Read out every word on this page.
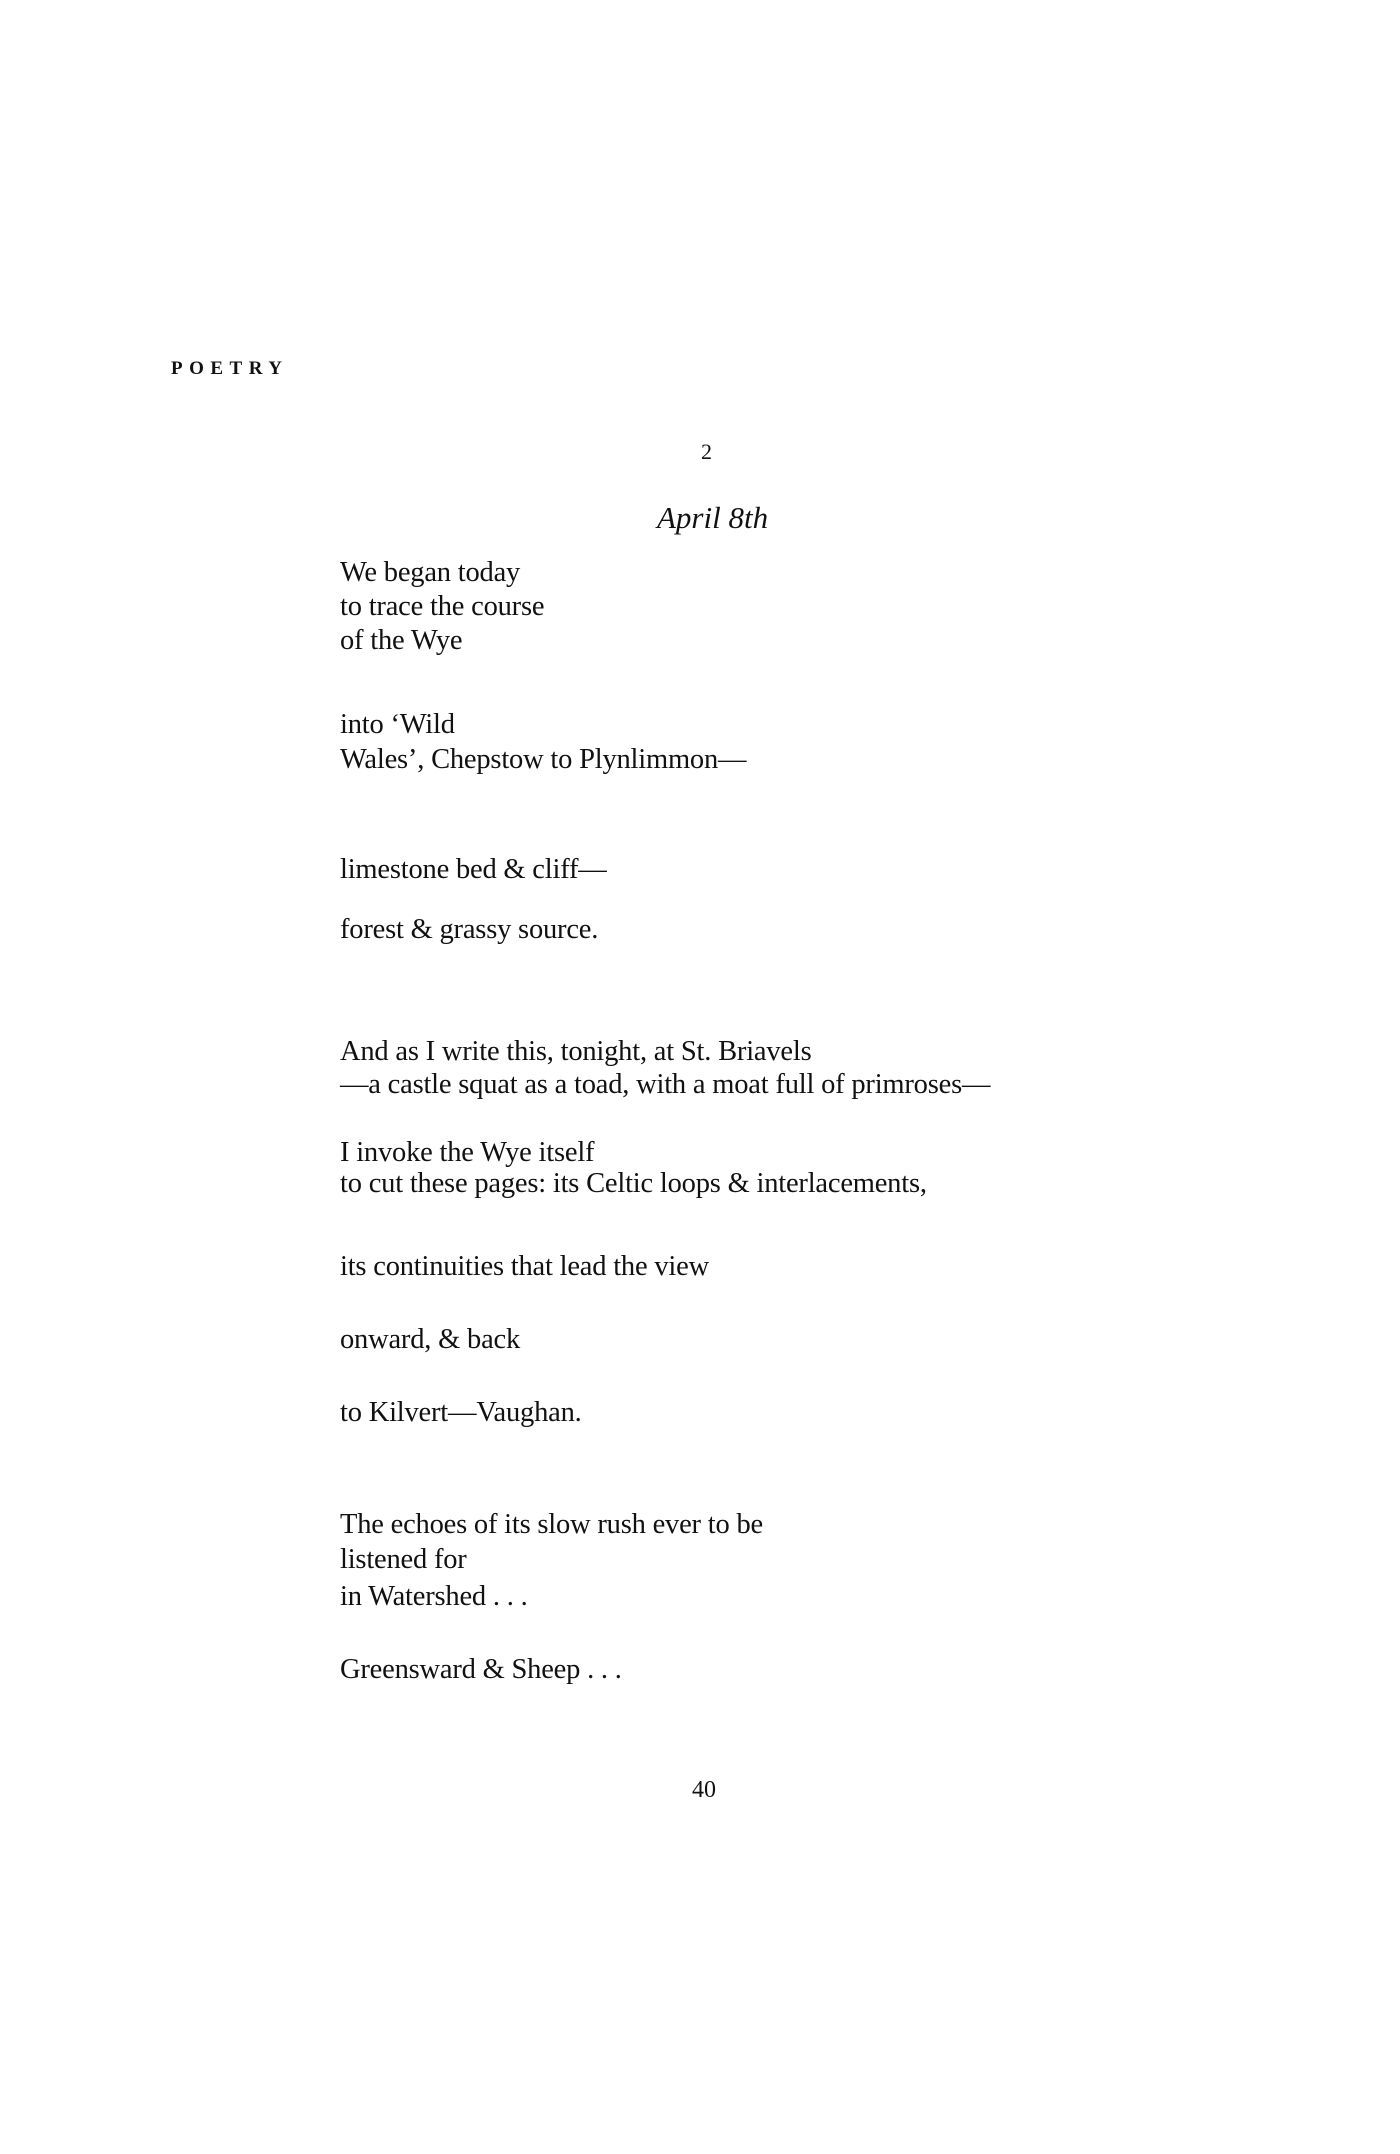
POETRY
2
April 8th
We began today
to trace the course
of the Wye
into ‘Wild
Wales’, Chepstow to Plynlimmon—
limestone bed & cliff—
forest & grassy source.
And as I write this, tonight, at St. Briavels
—a castle squat as a toad, with a moat full of primroses—
I invoke the Wye itself
to cut these pages: its Celtic loops & interlacements,
its continuities that lead the view
onward, & back
to Kilvert—Vaughan.
The echoes of its slow rush ever to be
listened for
in Watershed . . .
Greensward & Sheep . . .
40
